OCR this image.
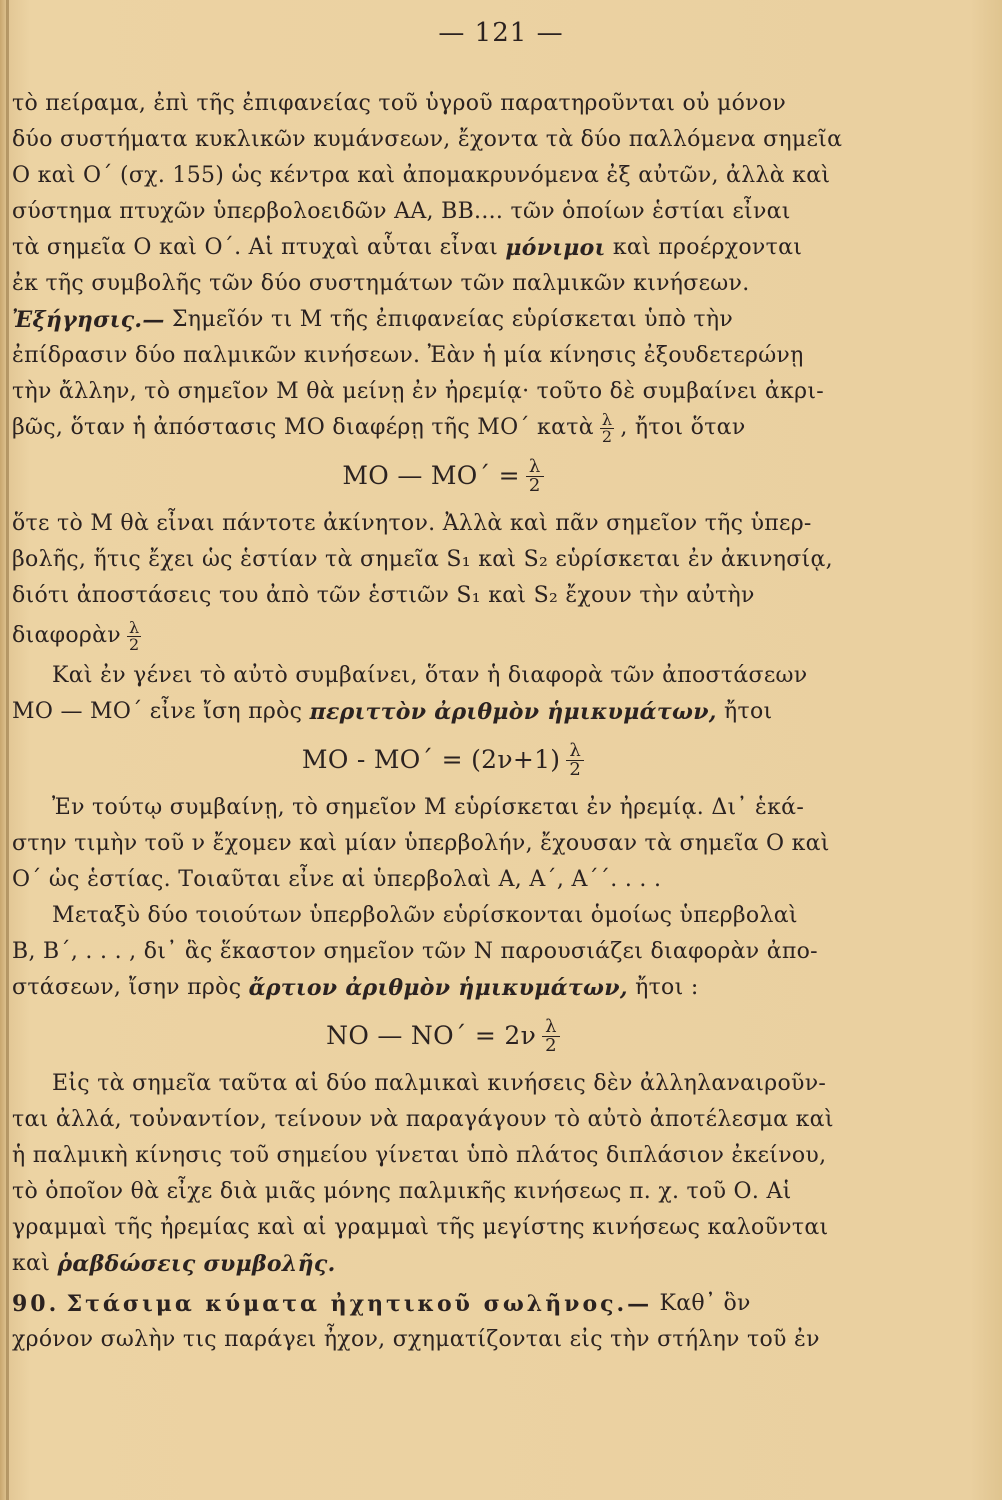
— 121 —
τὸ πείραμα, ἐπὶ τῆς ἐπιφανείας τοῦ ὑγροῦ παρατηροῦνται οὐ μόνον
δύο συστήματα κυκλικῶν κυμάνσεων, ἔχοντα τὰ δύο παλλόμενα σημεῖα
Ο καὶ Ο΄ (σχ. 155) ὡς κέντρα καὶ ἀπομακρυνόμενα ἐξ αὐτῶν, ἀλλὰ καὶ
σύστημα πτυχῶν ὑπερβολοειδῶν ΑΑ, ΒΒ.... τῶν ὁποίων ἑστίαι εἶναι
τὰ σημεῖα Ο καὶ Ο΄. Αἱ πτυχαὶ αὗται εἶναι
μόνιμοι
καὶ προέρχονται
ἐκ τῆς συμβολῆς τῶν δύο συστημάτων τῶν παλμικῶν κινήσεων.
Ἐξήγησις.—
Σημεῖόν τι Μ τῆς ἐπιφανείας εὑρίσκεται ὑπὸ τὴν
ἐπίδρασιν δύο παλμικῶν κινήσεων. Ἐὰν ἡ μία κίνησις ἐξουδετερώνῃ
τὴν ἄλλην, τὸ σημεῖον Μ θὰ μείνῃ ἐν ἠρεμίᾳ· τοῦτο δὲ συμβαίνει ἀκρι-
βῶς, ὅταν ἡ ἀπόστασις ΜΟ διαφέρῃ τῆς ΜΟ΄ κατὰ $\frac{\lambda}{2}$ , ἤτοι ὅταν
ΜΟ — $MO΄ = \frac{\lambda}{2}$
ὅτε τὸ Μ θὰ εἶναι πάντοτε ἀκίνητον. Ἀλλὰ καὶ πᾶν σημεῖον τῆς ὑπερ-
βολῆς, ἥτις ἔχει ὡς ἑστίαν τὰ σημεῖα S₁ καὶ S₂ εὑρίσκεται ἐν ἀκινησίᾳ,
διότι ἀποστάσεις του ἀπὸ τῶν ἑστιῶν S₁ καὶ S₂ ἔχουν τὴν αὐτὴν
διαφορὰν $\frac{\lambda}{2}$
Καὶ ἐν γένει τὸ αὐτὸ συμβαίνει, ὅταν ἡ διαφορὰ τῶν ἀποστάσεων
ΜΟ — ΜΟ΄ εἶνε ἴση πρὸς
περιττὸν ἀριθμὸν ἡμικυμάτων,
ἤτοι
$MO - MO΄ = (2\nu+1) \frac{\lambda}{2}$
Ἐν τούτῳ συμβαίνῃ, τὸ σημεῖον Μ εὑρίσκεται ἐν ἠρεμίᾳ. Δι᾽ ἑκά-
στην τιμὴν τοῦ ν ἔχομεν καὶ μίαν ὑπερβολήν, ἔχουσαν τὰ σημεῖα Ο καὶ
Ο΄ ὡς ἑστίας. Τοιαῦται εἶνε αἱ ὑπερβολαὶ Α, Α΄, Α΄΄. . . .
Μεταξὺ δύο τοιούτων ὑπερβολῶν εὑρίσκονται ὁμοίως ὑπερβολαὶ
Β, Β΄, . . . , δι᾽ ἃς ἕκαστον σημεῖον τῶν Ν παρουσιάζει διαφορὰν ἀπο-
στάσεων, ἴσην πρὸς
ἄρτιον ἀριθμὸν ἡμικυμάτων,
ἤτοι :
ΝΟ — $NO΄ = 2\nu \frac{\lambda}{2}$
Εἰς τὰ σημεῖα ταῦτα αἱ δύο παλμικαὶ κινήσεις δὲν ἀλληλαναιροῦν-
ται ἀλλά, τοὐναντίον, τείνουν νὰ παραγάγουν τὸ αὐτὸ ἀποτέλεσμα καὶ
ἡ παλμικὴ κίνησις τοῦ σημείου γίνεται ὑπὸ πλάτος διπλάσιον ἐκείνου,
τὸ ὁποῖον θὰ εἶχε διὰ μιᾶς μόνης παλμικῆς κινήσεως π. χ. τοῦ Ο. Αἱ
γραμμαὶ τῆς ἠρεμίας καὶ αἱ γραμμαὶ τῆς μεγίστης κινήσεως καλοῦνται
καὶ
ῥαβδώσεις συμβολῆς.
90.
Στάσιμα κύματα ἠχητικοῦ σωλῆνος.—
Καθ᾽ ὃν
χρόνον σωλὴν τις παράγει ἦχον, σχηματίζονται εἰς τὴν στήλην τοῦ ἐν
